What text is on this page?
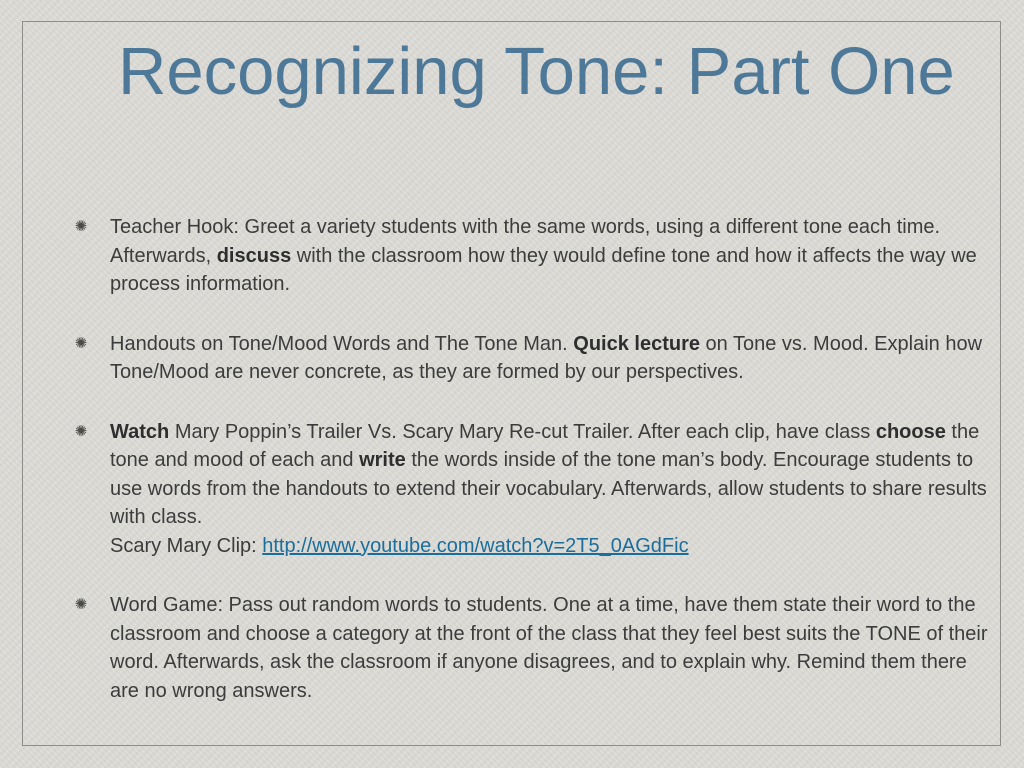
Recognizing Tone: Part One
✺ Teacher Hook: Greet a variety students with the same words, using a different tone each time. Afterwards, discuss with the classroom how they would define tone and how it affects the way we process information.
✺ Handouts on Tone/Mood Words and The Tone Man. Quick lecture on Tone vs. Mood. Explain how Tone/Mood are never concrete, as they are formed by our perspectives.
✺ Watch Mary Poppin’s Trailer Vs. Scary Mary Re-cut Trailer. After each clip, have class choose the tone and mood of each and write the words inside of the tone man’s body. Encourage students to use words from the handouts to extend their vocabulary. Afterwards, allow students to share results with class.
Scary Mary Clip: http://www.youtube.com/watch?v=2T5_0AGdFic
✺ Word Game: Pass out random words to students. One at a time, have them state their word to the classroom and choose a category at the front of the class that they feel best suits the TONE of their word. Afterwards, ask the classroom if anyone disagrees, and to explain why. Remind them there are no wrong answers.
